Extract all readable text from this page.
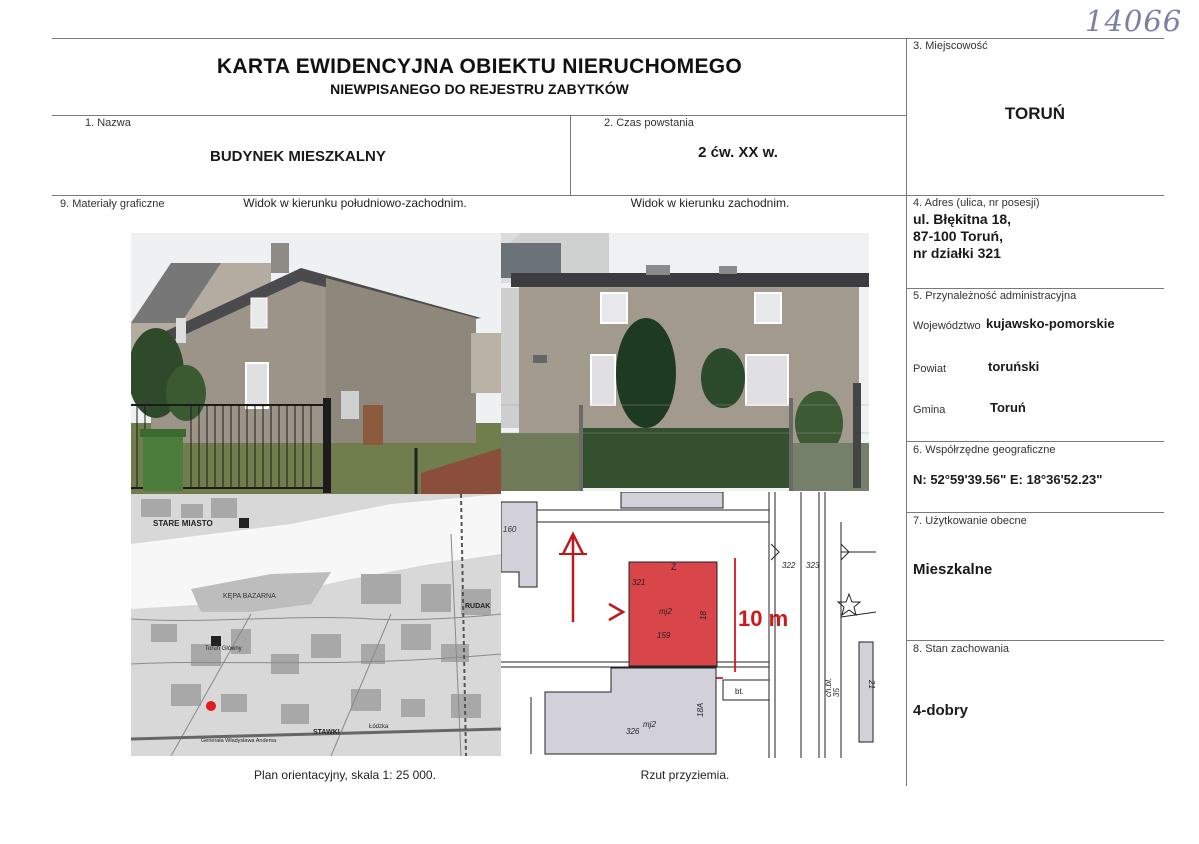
14066
KARTA EWIDENCYJNA OBIEKTU NIERUCHOMEGO
NIEWPISANEGO DO REJESTRU ZABYTKÓW
3. Miejscowość
TORUŃ
1. Nazwa
BUDYNEK MIESZKALNY
2. Czas powstania
2 ćw. XX w.
9. Materiały graficzne	Widok w kierunku południowo-zachodnim.	Widok w kierunku zachodnim.	4. Adres (ulica, nr posesji)
ul. Błękitna 18,
87-100 Toruń,
nr działki 321
5. Przynależność administracyjna
Województwo kujawsko-pomorskie
Powiat	toruński
Gmina	Toruń
6. Współrzędne geograficzne
N: 52°59'39.56" E: 18°36'52.23"
7. Użytkowanie obecne
Mieszkalne
8. Stan zachowania
4-dobry
STARE MIASTO
KĘPA BAZARNA
RUDAK
Toruń Główny
STAWKI
Łódzka
Generała Władysława Andersa
160
321
mj2
159
18
Z
10 m
326
mj2
18A
bt.
322 323
ch.bl. 35
21
Plan orientacyjny, skala 1: 25 000.	Rzut przyziemia.
